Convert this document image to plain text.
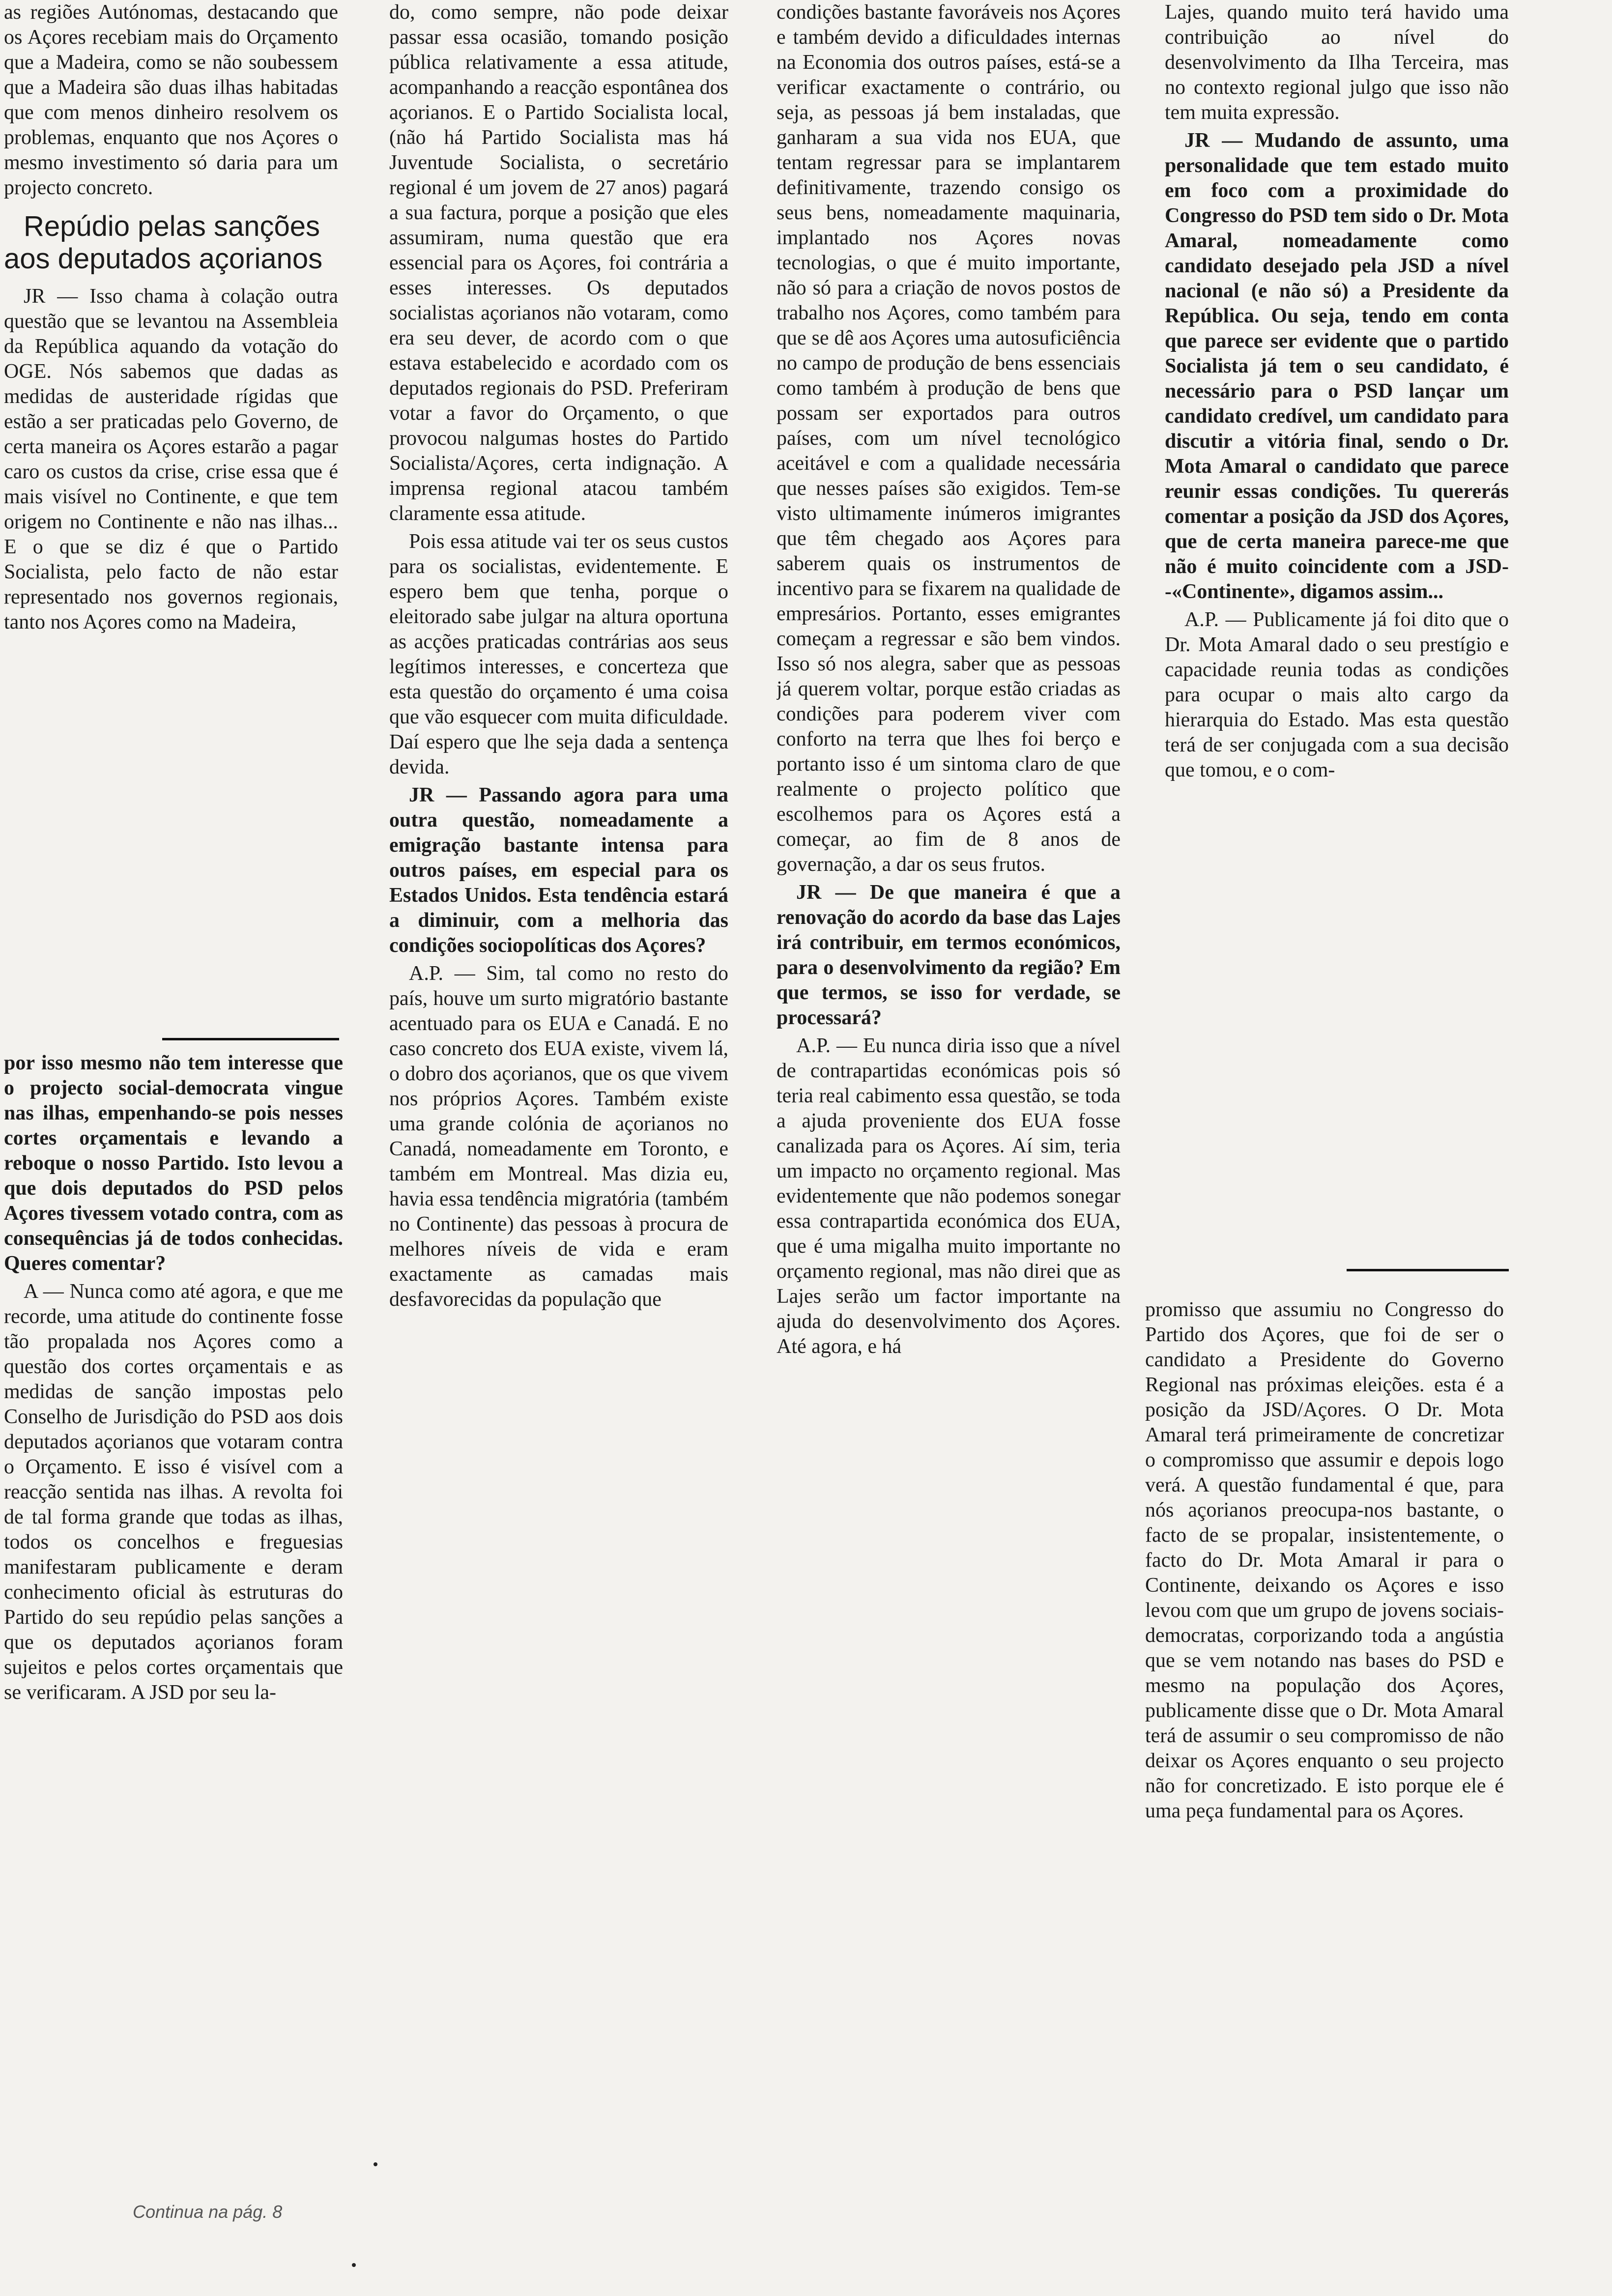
as regiões Autónomas, destacando que os Açores recebiam mais do Orçamento que a Madeira, como se não soubessem que a Madeira são duas ilhas habitadas que com menos dinheiro resolvem os problemas, enquanto que nos Açores o mesmo investimento só daria para um projecto concreto.

Repúdio pelas sanções aos deputados açorianos

JR — Isso chama à colação outra questão que se levantou na Assembleia da República aquando da votação do OGE. Nós sabemos que dadas as medidas de austeridade rígidas que estão a ser praticadas pelo Governo, de certa maneira os Açores estarão a pagar caro os custos da crise, crise essa que é mais visível no Continente, e que tem origem no Continente e não nas ilhas... E o que se diz é que o Partido Socialista, pelo facto de não estar representado nos governos regionais, tanto nos Açores como na Madeira,

por isso mesmo não tem interesse que o projecto social-democrata vingue nas ilhas, empenhando-se pois nesses cortes orçamentais e levando a reboque o nosso Partido. Isto levou a que dois deputados do PSD pelos Açores tivessem votado contra, com as consequências já de todos conhecidas. Queres comentar?

A — Nunca como até agora, e que me recorde, uma atitude do continente fosse tão propalada nos Açores como a questão dos cortes orçamentais e as medidas de sanção impostas pelo Conselho de Jurisdição do PSD aos dois deputados açorianos que votaram contra o Orçamento. E isso é visível com a reacção sentida nas ilhas. A revolta foi de tal forma grande que todas as ilhas, todos os concelhos e freguesias manifestaram publicamente e deram conhecimento oficial às estruturas do Partido do seu repúdio pelas sanções a que os deputados açorianos foram sujeitos e pelos cortes orçamentais que se verificaram. A JSD por seu la-

do, como sempre, não pode deixar passar essa ocasião, tomando posição pública relativamente a essa atitude, acompanhando a reacção espontânea dos açorianos. E o Partido Socialista local, (não há Partido Socialista mas há Juventude Socialista, o secretário regional é um jovem de 27 anos) pagará a sua factura, porque a posição que eles assumiram, numa questão que era essencial para os Açores, foi contrária a esses interesses. Os deputados socialistas açorianos não votaram, como era seu dever, de acordo com o que estava estabelecido e acordado com os deputados regionais do PSD. Preferiram votar a favor do Orçamento, o que provocou nalgumas hostes do Partido Socialista/Açores, certa indignação. A imprensa regional atacou também claramente essa atitude.

Pois essa atitude vai ter os seus custos para os socialistas, evidentemente. E espero bem que tenha, porque o eleitorado sabe julgar na altura oportuna as acções praticadas contrárias aos seus legítimos interesses, e concerteza que esta questão do orçamento é uma coisa que vão esquecer com muita dificuldade. Daí espero que lhe seja dada a sentença devida.

JR — Passando agora para uma outra questão, nomeadamente a emigração bastante intensa para outros países, em especial para os Estados Unidos. Esta tendência estará a diminuir, com a melhoria das condições sociopolíticas dos Açores?

A.P. — Sim, tal como no resto do país, houve um surto migratório bastante acentuado para os EUA e Canadá. E no caso concreto dos EUA existe, vivem lá, o dobro dos açorianos, que os que vivem nos próprios Açores. Também existe uma grande colónia de açorianos no Canadá, nomeadamente em Toronto, e também em Montreal. Mas dizia eu, havia essa tendência migratória (também no Continente) das pessoas à procura de melhores níveis de vida e eram exactamente as camadas mais desfavorecidas da população que

condições bastante favoráveis nos Açores e também devido a dificuldades internas na Economia dos outros países, está-se a verificar exactamente o contrário, ou seja, as pessoas já bem instaladas, que ganharam a sua vida nos EUA, que tentam regressar para se implantarem definitivamente, trazendo consigo os seus bens, nomeadamente maquinaria, implantado nos Açores novas tecnologias, o que é muito importante, não só para a criação de novos postos de trabalho nos Açores, como também para que se dê aos Açores uma autosuficiência no campo de produção de bens essenciais como também à produção de bens que possam ser exportados para outros países, com um nível tecnológico aceitável e com a qualidade necessária que nesses países são exigidos. Tem-se visto ultimamente inúmeros imigrantes que têm chegado aos Açores para saberem quais os instrumentos de incentivo para se fixarem na qualidade de empresários. Portanto, esses emigrantes começam a regressar e são bem vindos. Isso só nos alegra, saber que as pessoas já querem voltar, porque estão criadas as condições para poderem viver com conforto na terra que lhes foi berço e portanto isso é um sintoma claro de que realmente o projecto político que escolhemos para os Açores está a começar, ao fim de 8 anos de governação, a dar os seus frutos.

JR — De que maneira é que a renovação do acordo da base das Lajes irá contribuir, em termos económicos, para o desenvolvimento da região? Em que termos, se isso for verdade, se processará?

A.P. — Eu nunca diria isso que a nível de contrapartidas económicas pois só teria real cabimento essa questão, se toda a ajuda proveniente dos EUA fosse canalizada para os Açores. Aí sim, teria um impacto no orçamento regional. Mas evidentemente que não podemos sonegar essa contrapartida económica dos EUA, que é uma migalha muito importante no orçamento regional, mas não direi que as Lajes serão um factor importante na ajuda do desenvolvimento dos Açores. Até agora, e há

Lajes, quando muito terá havido uma contribuição ao nível do desenvolvimento da Ilha Terceira, mas no contexto regional julgo que isso não tem muita expressão.

JR — Mudando de assunto, uma personalidade que tem estado muito em foco com a proximidade do Congresso do PSD tem sido o Dr. Mota Amaral, nomeadamente como candidato desejado pela JSD a nível nacional (e não só) a Presidente da República. Ou seja, tendo em conta que parece ser evidente que o partido Socialista já tem o seu candidato, é necessário para o PSD lançar um candidato credível, um candidato para discutir a vitória final, sendo o Dr. Mota Amaral o candidato que parece reunir essas condições. Tu quererás comentar a posição da JSD dos Açores, que de certa maneira parece-me que não é muito coincidente com a JSD--«Continente», digamos assim...

A.P. — Publicamente já foi dito que o Dr. Mota Amaral dado o seu prestígio e capacidade reunia todas as condições para ocupar o mais alto cargo da hierarquia do Estado. Mas esta questão terá de ser conjugada com a sua decisão que tomou, e o com-

promisso que assumiu no Congresso do Partido dos Açores, que foi de ser o candidato a Presidente do Governo Regional nas próximas eleições. esta é a posição da JSD/Açores. O Dr. Mota Amaral terá primeiramente de concretizar o compromisso que assumir e depois logo verá. A questão fundamental é que, para nós açorianos preocupa-nos bastante, o facto de se propalar, insistentemente, o facto do Dr. Mota Amaral ir para o Continente, deixando os Açores e isso levou com que um grupo de jovens sociais-democratas, corporizando toda a angústia que se vem notando nas bases do PSD e mesmo na população dos Açores, publicamente disse que o Dr. Mota Amaral terá de assumir o seu compromisso de não deixar os Açores enquanto o seu projecto não for concretizado. E isto porque ele é uma peça fundamental para os Açores.

Continua na pág. 8
